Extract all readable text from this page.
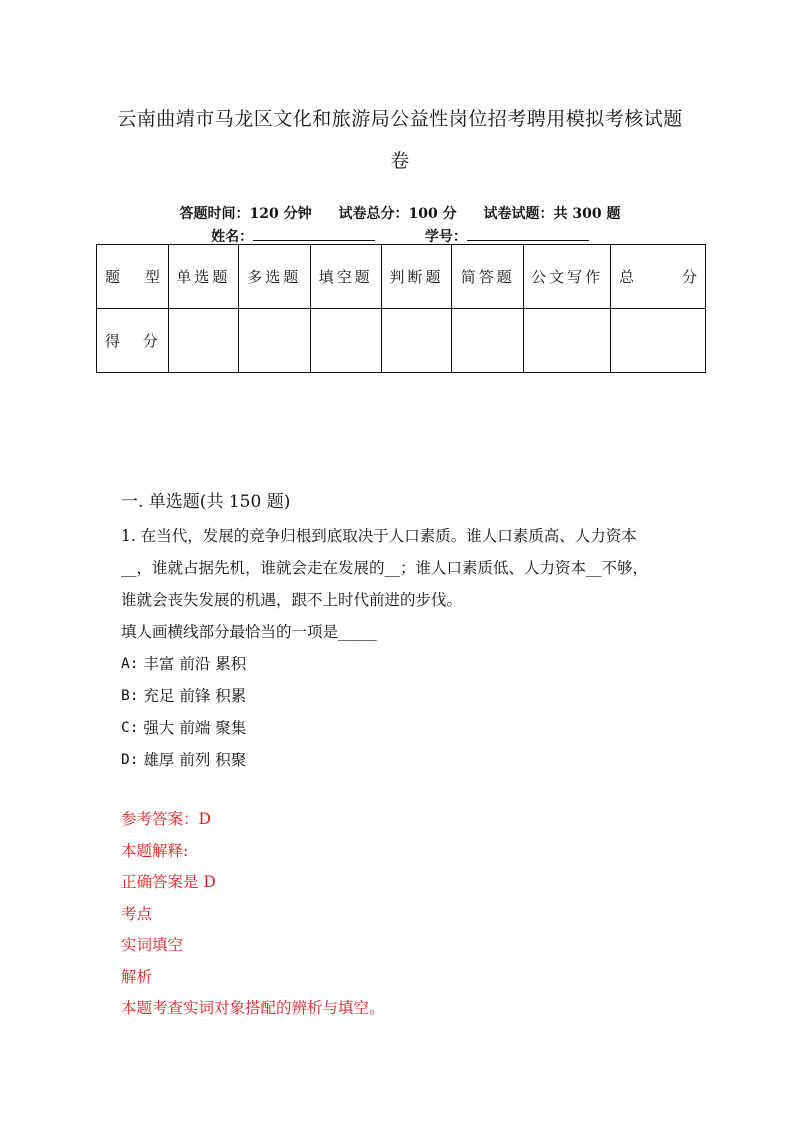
云南曲靖市马龙区文化和旅游局公益性岗位招考聘用模拟考核试题
卷
答题时间：120 分钟 试卷总分：100 分 试卷试题：共 300 题
姓名：	学号：
题 型	单选题	多选题	填空题	判断题	简答题	公文写作	总 分

得 分							

一. 单选题(共 150 题)
1. 在当代，发展的竞争归根到底取决于人口素质。谁人口素质高、人力资本
__，谁就占据先机，谁就会走在发展的__；谁人口素质低、人力资本__不够，
谁就会丧失发展的机遇，跟不上时代前进的步伐。
填人画横线部分最恰当的一项是_____
A:
丰富 前沿 累积
B:
充足 前锋 积累
C:
强大 前端 聚集
D:
雄厚 前列 积聚
参考答案：D
本题解释:
正确答案是 D
考点
实词填空
解析
本题考查实词对象搭配的辨析与填空。
